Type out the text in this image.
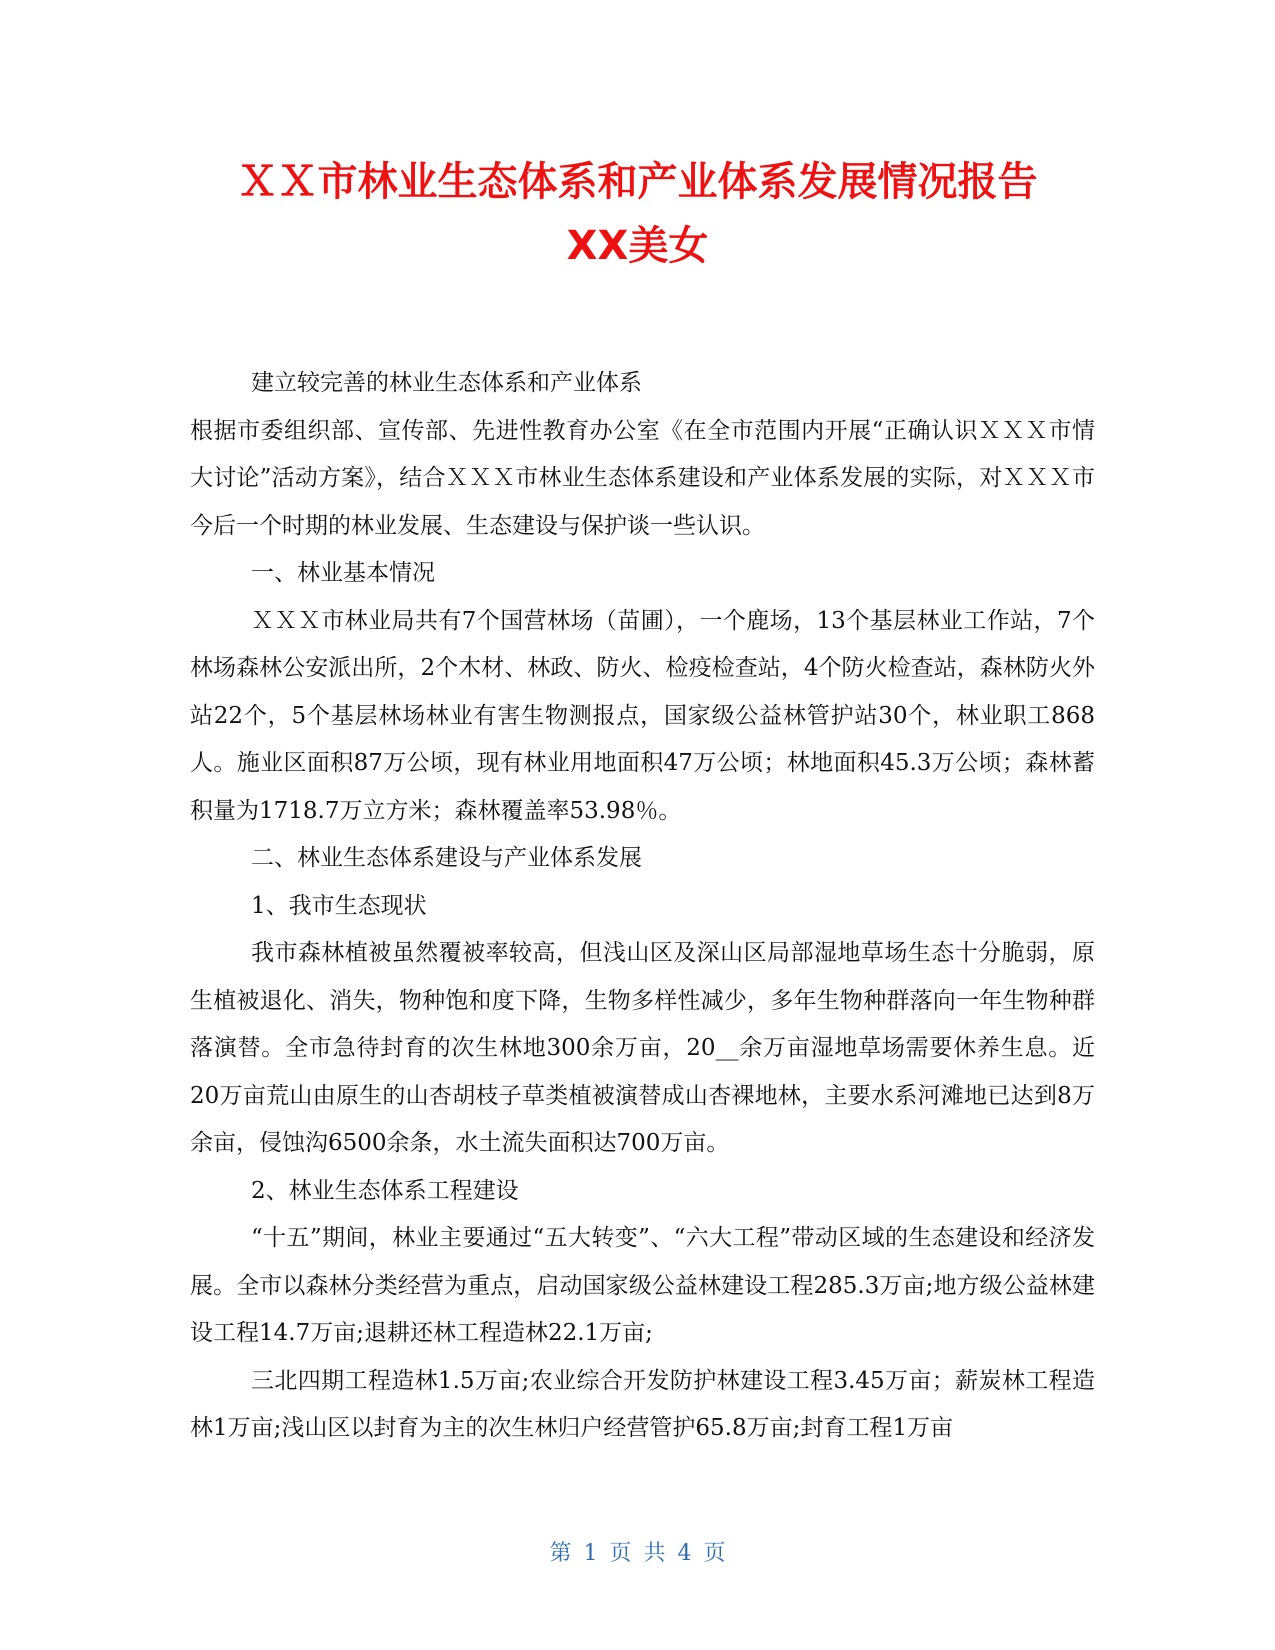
ＸＸ市林业生态体系和产业体系发展情况报告
XX美女

建立较完善的林业生态体系和产业体系

根据市委组织部、宣传部、先进性教育办公室《在全市范围内开展“正确认识ＸＸＸ市情大讨论”活动方案》，结合ＸＸＸ市林业生态体系建设和产业体系发展的实际，对ＸＸＸ市今后一个时期的林业发展、生态建设与保护谈一些认识。

一、林业基本情况

ＸＸＸ市林业局共有7个国营林场（苗圃），一个鹿场，13个基层林业工作站，7个林场森林公安派出所，2个木材、林政、防火、检疫检查站，4个防火检查站，森林防火外站22个，5个基层林场林业有害生物测报点，国家级公益林管护站30个，林业职工868人。施业区面积87万公顷，现有林业用地面积47万公顷；林地面积45.3万公顷；森林蓄积量为1718.7万立方米；森林覆盖率53.98％。

二、林业生态体系建设与产业体系发展

1、我市生态现状

我市森林植被虽然覆被率较高，但浅山区及深山区局部湿地草场生态十分脆弱，原生植被退化、消失，物种饱和度下降，生物多样性减少，多年生物种群落向一年生物种群落演替。全市急待封育的次生林地300余万亩，20__余万亩湿地草场需要休养生息。近20万亩荒山由原生的山杏胡枝子草类植被演替成山杏裸地林，主要水系河滩地已达到8万余亩，侵蚀沟6500余条，水土流失面积达700万亩。

2、林业生态体系工程建设

“十五”期间，林业主要通过“五大转变”、“六大工程”带动区域的生态建设和经济发展。全市以森林分类经营为重点，启动国家级公益林建设工程285.3万亩;地方级公益林建设工程14.7万亩;退耕还林工程造林22.1万亩;

三北四期工程造林1.5万亩;农业综合开发防护林建设工程3.45万亩；薪炭林工程造林1万亩;浅山区以封育为主的次生林归户经营管护65.8万亩;封育工程1万亩

第 1 页 共 4 页
